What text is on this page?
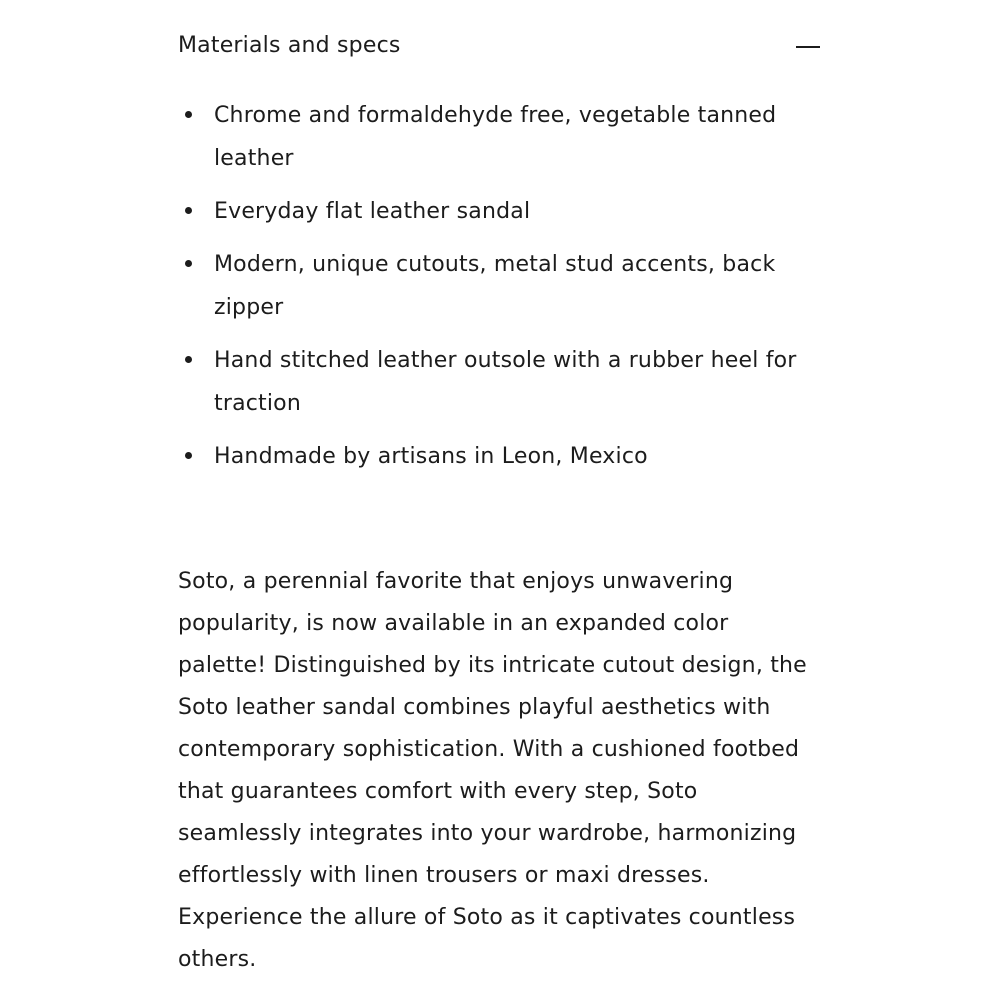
Materials and specs
Chrome and formaldehyde free, vegetable tanned leather
Everyday flat leather sandal
Modern, unique cutouts, metal stud accents, back zipper
Hand stitched leather outsole with a rubber heel for traction
Handmade by artisans in Leon, Mexico

Soto, a perennial favorite that enjoys unwavering popularity, is now available in an expanded color palette! Distinguished by its intricate cutout design, the Soto leather sandal combines playful aesthetics with contemporary sophistication. With a cushioned footbed that guarantees comfort with every step, Soto seamlessly integrates into your wardrobe, harmonizing effortlessly with linen trousers or maxi dresses. Experience the allure of Soto as it captivates countless others.
